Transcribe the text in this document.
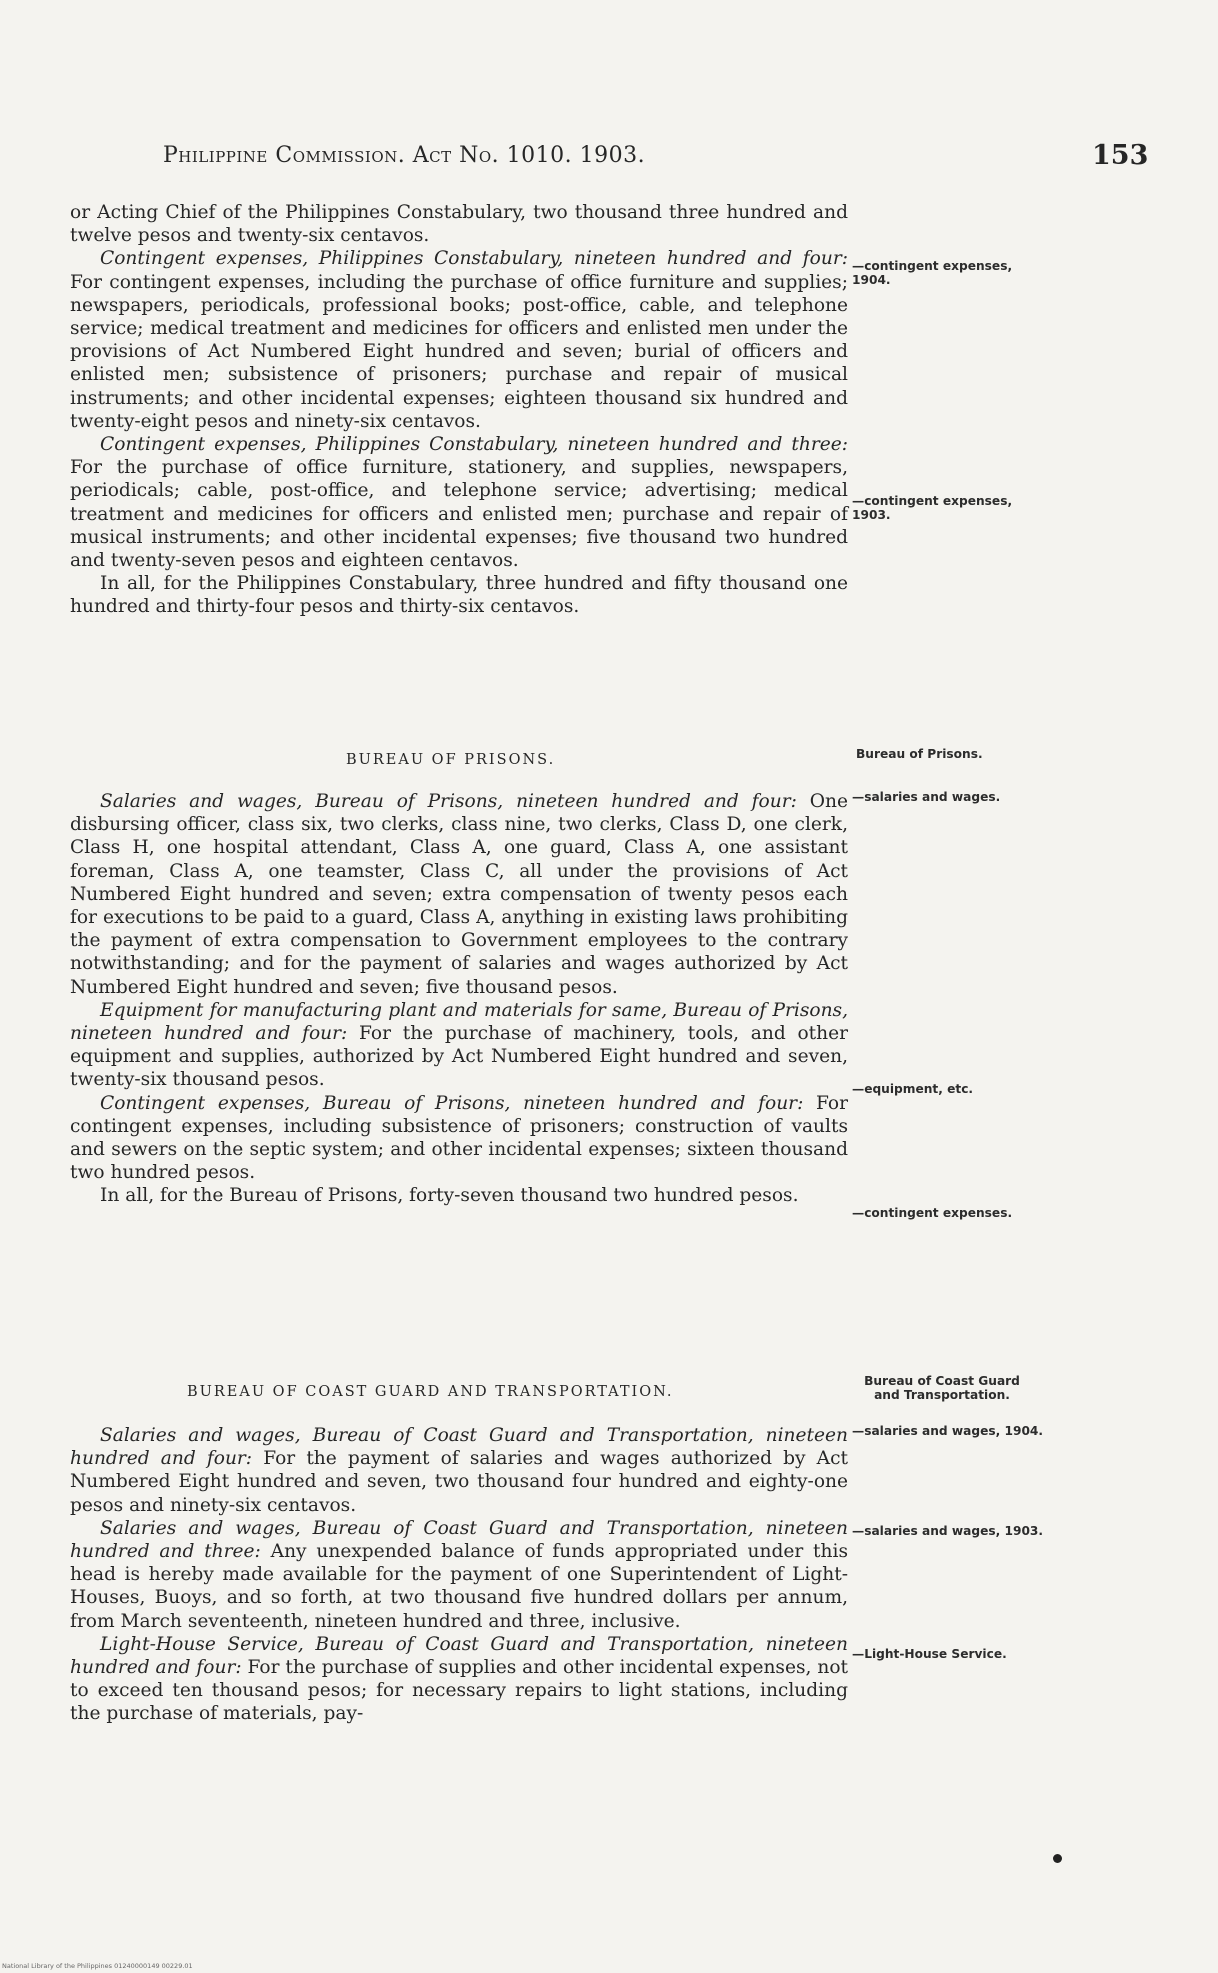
Philippine Commission. Act No. 1010. 1903.	153

or Acting Chief of the Philippines Constabulary, two thousand three hundred and twelve pesos and twenty-six centavos.

Contingent expenses, Philippines Constabulary, nineteen hundred and four: For contingent expenses, including the purchase of office furniture and supplies; newspapers, periodicals, professional books; post-office, cable, and telephone service; medical treatment and medicines for officers and enlisted men under the provisions of Act Numbered Eight hundred and seven; burial of officers and enlisted men; subsistence of prisoners; purchase and repair of musical instruments; and other incidental expenses; eighteen thousand six hundred and twenty-eight pesos and ninety-six centavos.

Contingent expenses, Philippines Constabulary, nineteen hundred and three: For the purchase of office furniture, stationery, and supplies, newspapers, periodicals; cable, post-office, and telephone service; advertising; medical treatment and medicines for officers and enlisted men; purchase and repair of musical instruments; and other incidental expenses; five thousand two hundred and twenty-seven pesos and eighteen centavos.

In all, for the Philippines Constabulary, three hundred and fifty thousand one hundred and thirty-four pesos and thirty-six centavos.

BUREAU OF PRISONS.

Salaries and wages, Bureau of Prisons, nineteen hundred and four: One disbursing officer, class six, two clerks, class nine, two clerks, Class D, one clerk, Class H, one hospital attendant, Class A, one guard, Class A, one assistant foreman, Class A, one teamster, Class C, all under the provisions of Act Numbered Eight hundred and seven; extra compensation of twenty pesos each for executions to be paid to a guard, Class A, anything in existing laws prohibiting the payment of extra compensation to Government employees to the contrary notwithstanding; and for the payment of salaries and wages authorized by Act Numbered Eight hundred and seven; five thousand pesos.

Equipment for manufacturing plant and materials for same, Bureau of Prisons, nineteen hundred and four: For the purchase of machinery, tools, and other equipment and supplies, authorized by Act Numbered Eight hundred and seven, twenty-six thousand pesos.

Contingent expenses, Bureau of Prisons, nineteen hundred and four: For contingent expenses, including subsistence of prisoners; construction of vaults and sewers on the septic system; and other incidental expenses; sixteen thousand two hundred pesos.

In all, for the Bureau of Prisons, forty-seven thousand two hundred pesos.

BUREAU OF COAST GUARD AND TRANSPORTATION.

Salaries and wages, Bureau of Coast Guard and Transportation, nineteen hundred and four: For the payment of salaries and wages authorized by Act Numbered Eight hundred and seven, two thousand four hundred and eighty-one pesos and ninety-six centavos.

Salaries and wages, Bureau of Coast Guard and Transportation, nineteen hundred and three: Any unexpended balance of funds appropriated under this head is hereby made available for the payment of one Superintendent of Light-Houses, Buoys, and so forth, at two thousand five hundred dollars per annum, from March seventeenth, nineteen hundred and three, inclusive.

Light-House Service, Bureau of Coast Guard and Transportation, nineteen hundred and four: For the purchase of supplies and other incidental expenses, not to exceed ten thousand pesos; for necessary repairs to light stations, including the purchase of materials, pay-

—contingent expenses, 1904.
—contingent expenses, 1903.
Bureau of Prisons.
—salaries and wages.
—equipment, etc.
—contingent expenses.
Bureau of Coast Guard and Transportation.
—salaries and wages, 1904.
—salaries and wages, 1903.
—Light-House Service.
National Library of the Philippines 01240000149 00229.01
